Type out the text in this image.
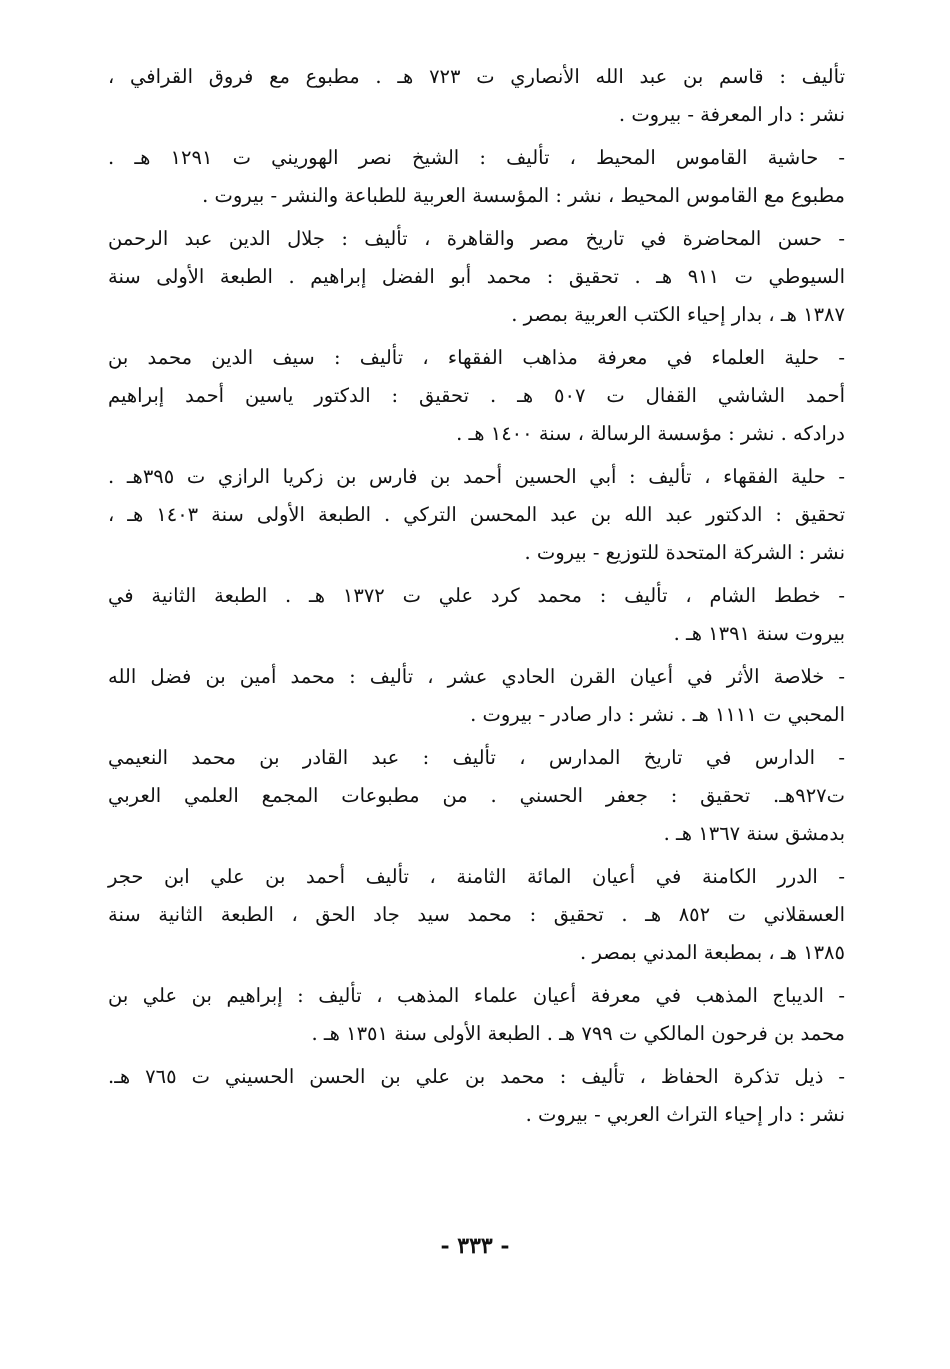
تأليف : قاسم بن عبد الله الأنصاري ت ٧٢٣ هـ . مطبوع مع فروق القرافي ،
نشر : دار المعرفة - بيروت .
- حاشية القاموس المحيط ، تأليف : الشيخ نصر الهوريني ت ١٢٩١ هـ .
مطبوع مع القاموس المحيط ، نشر : المؤسسة العربية للطباعة والنشر - بيروت .
- حسن المحاضرة في تاريخ مصر والقاهرة ، تأليف : جلال الدين عبد الرحمن
السيوطي ت ٩١١ هـ . تحقيق : محمد أبو الفضل إبراهيم . الطبعة الأولى سنة
١٣٨٧ هـ ، بدار إحياء الكتب العربية بمصر .
- حلية العلماء في معرفة مذاهب الفقهاء ، تأليف : سيف الدين محمد بن
أحمد الشاشي القفال ت ٥٠٧ هـ . تحقيق : الدكتور ياسين أحمد إبراهيم
درادكه . نشر : مؤسسة الرسالة ، سنة ١٤٠٠ هـ .
- حلية الفقهاء ، تأليف : أبي الحسين أحمد بن فارس بن زكريا الرازي ت ٣٩٥هـ .
تحقيق : الدكتور عبد الله بن عبد المحسن التركي . الطبعة الأولى سنة ١٤٠٣ هـ ،
نشر : الشركة المتحدة للتوزيع - بيروت .
- خطط الشام ، تأليف : محمد كرد علي ت ١٣٧٢ هـ . الطبعة الثانية في
بيروت سنة ١٣٩١ هـ .
- خلاصة الأثر في أعيان القرن الحادي عشر ، تأليف : محمد أمين بن فضل الله
المحبي ت ١١١١ هـ . نشر : دار صادر - بيروت .
- الدارس في تاريخ المدارس ، تأليف : عبد القادر بن محمد النعيمي
ت٩٢٧هـ. تحقيق : جعفر الحسني . من مطبوعات المجمع العلمي العربي
بدمشق سنة ١٣٦٧ هـ .
- الدرر الكامنة في أعيان المائة الثامنة ، تأليف أحمد بن علي ابن حجر
العسقلاني ت ٨٥٢ هـ . تحقيق : محمد سيد جاد الحق ، الطبعة الثانية سنة
١٣٨٥ هـ ، بمطبعة المدني بمصر .
- الديباج المذهب في معرفة أعيان علماء المذهب ، تأليف : إبراهيم بن علي بن
محمد بن فرحون المالكي ت ٧٩٩ هـ . الطبعة الأولى سنة ١٣٥١ هـ .
- ذيل تذكرة الحفاظ ، تأليف : محمد بن علي بن الحسن الحسيني ت ٧٦٥ هـ.
نشر : دار إحياء التراث العربي - بيروت .
- ٣٣٣ -
